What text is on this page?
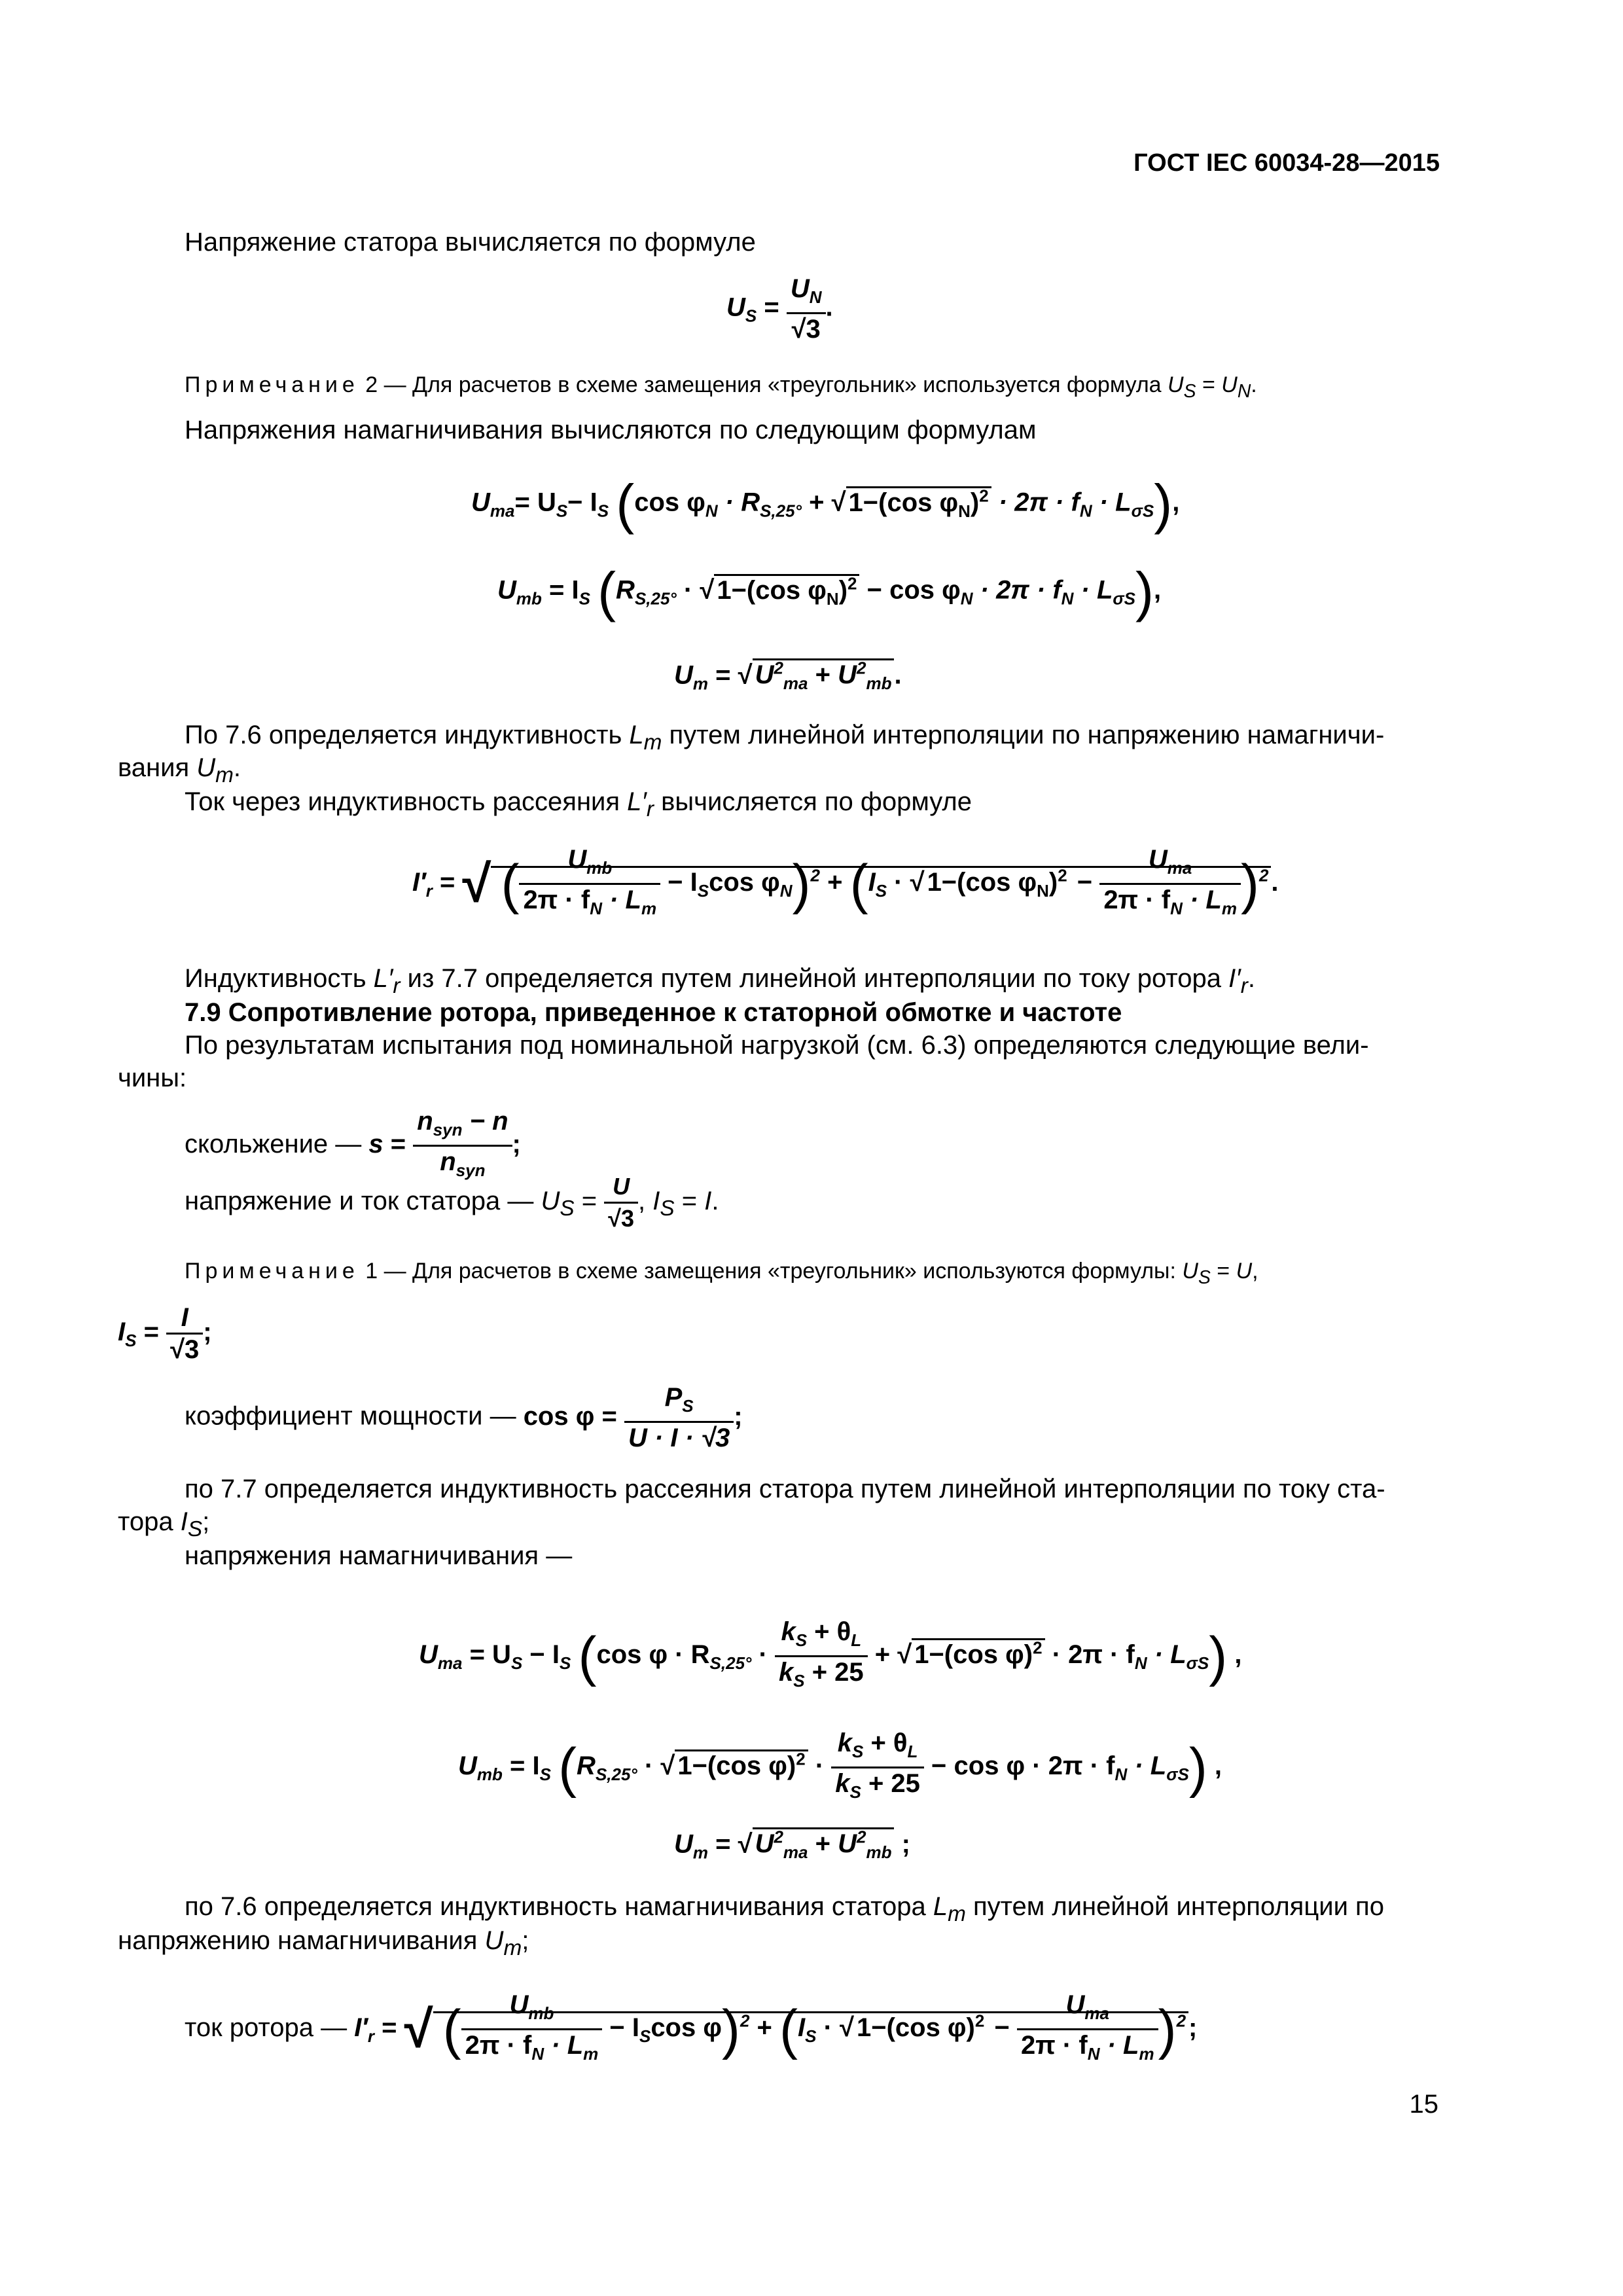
ГОСТ IEC 60034-28—2015
Напряжение статора вычисляется по формуле
$U_S = \frac{U_N}{√3}$ .
Примечание 2 — Для расчетов в схеме замещения «треугольник» используется формула $U_S = U_N$.
Напряжения намагничивания вычисляются по следующим формулам
$U_{ma}= U_S- I_S$ (cos $\varphi_N \cdot R_{S,25^\circ}$ + √ 1−(cos $\varphi_N)^2 \cdot 2\pi \cdot f_N \cdot L_{\sigma S}$),
$U_{mb} = I_S$ ($R_{S,25^\circ}$ · √ 1−(cos $\varphi_N)^2 - \cos \varphi_N \cdot 2\pi \cdot f_N \cdot L_{\sigma S}$),
$U_m$ = √ $U^2_{ma} + U^2_{mb}$ .
По 7.6 определяется индуктивность $L_m$ путем линейной интерполяции по напряжению намагничи-
вания $U_m$.
Ток через индуктивность рассеяния $L'_r$ вычисляется по формуле
$I'_r$ = √ ( $\frac{U_{mb}}{2\pi \cdot f_N \cdot L_m} - I_S\cos$ $\varphi_N)^2 + (I_S$ · √ 1−(cos $\varphi_N)^2 - \frac{U_{ma}}{2\pi \cdot f_N \cdot L_m} )^2$ .
Индуктивность $L'_r$ из 7.7 определяется путем линейной интерполяции по току ротора $I'_r$.
7.9 Сопротивление ротора, приведенное к статорной обмотке и частоте
По результатам испытания под номинальной нагрузкой (см. 6.3) определяются следующие вели-
чины:
скольжение — $s = \frac{n_{syn} - n}{n_{syn}}$ ;
напряжение и ток статора — $U_S = \frac{U}{√3}$ , $I_S = I$.
Примечание 1 — Для расчетов в схеме замещения «треугольник» используются формулы: $U_S = U$,
$I_S = \frac{I}{√3}$ ;
коэффициент мощности — $\cos \varphi = \frac{P_S}{U \cdot I \cdot √3}$ ;
по 7.7 определяется индуктивность рассеяния статора путем линейной интерполяции по току ста-
тора $I_S$;
напряжения намагничивания —
$U_{ma} = U_S - I_S$ (cos $\varphi \cdot R_{S,25^\circ} \cdot \frac{k_S + \theta_L}{k_S + 25}$ + √ 1−(cos $\varphi)^2 \cdot 2\pi \cdot f_N \cdot L_{\sigma S}$) ,
$U_{mb} = I_S$ ($R_{S,25^\circ}$ · √ 1−(cos $\varphi)^2 \cdot \frac{k_S + \theta_L}{k_S + 25} - \cos \varphi \cdot 2\pi \cdot f_N \cdot L_{\sigma S}$) ,
$U_m$ = √ $U^2_{ma} + U^2_{mb}$ ;
по 7.6 определяется индуктивность намагничивания статора $L_m$ путем линейной интерполяции по
напряжению намагничивания $U_m$;
ток ротора — $I'_r$ = √ ( $\frac{U_{mb}}{2\pi \cdot f_N \cdot L_m} - I_S\cos$ $\varphi)^2 + (I_S$ · √ 1−(cos $\varphi)^2 - \frac{U_{ma}}{2\pi \cdot f_N \cdot L_m} )^2$ ;
15
